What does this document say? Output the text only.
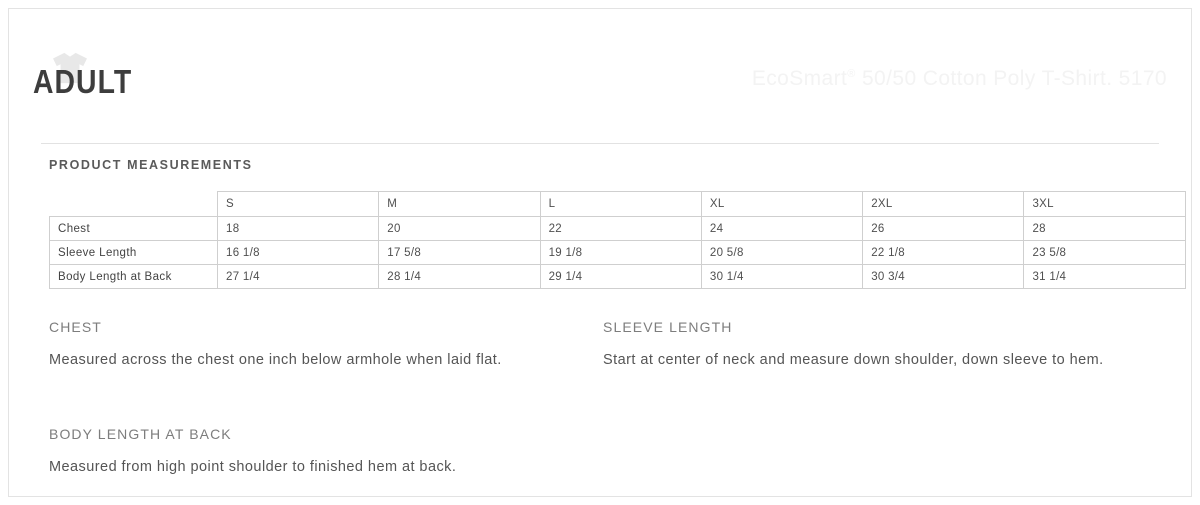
ADULT	EcoSmart® 50/50 Cotton Poly T-Shirt. 5170
PRODUCT MEASUREMENTS
	S	M	L	XL	2XL	3XL
Chest	18	20	22	24	26	28
Sleeve Length	16 1/8	17 5/8	19 1/8	20 5/8	22 1/8	23 5/8
Body Length at Back	27 1/4	28 1/4	29 1/4	30 1/4	30 3/4	31 1/4
CHEST
Measured across the chest one inch below armhole when laid flat.
SLEEVE LENGTH
Start at center of neck and measure down shoulder, down sleeve to hem.
BODY LENGTH AT BACK
Measured from high point shoulder to finished hem at back.
